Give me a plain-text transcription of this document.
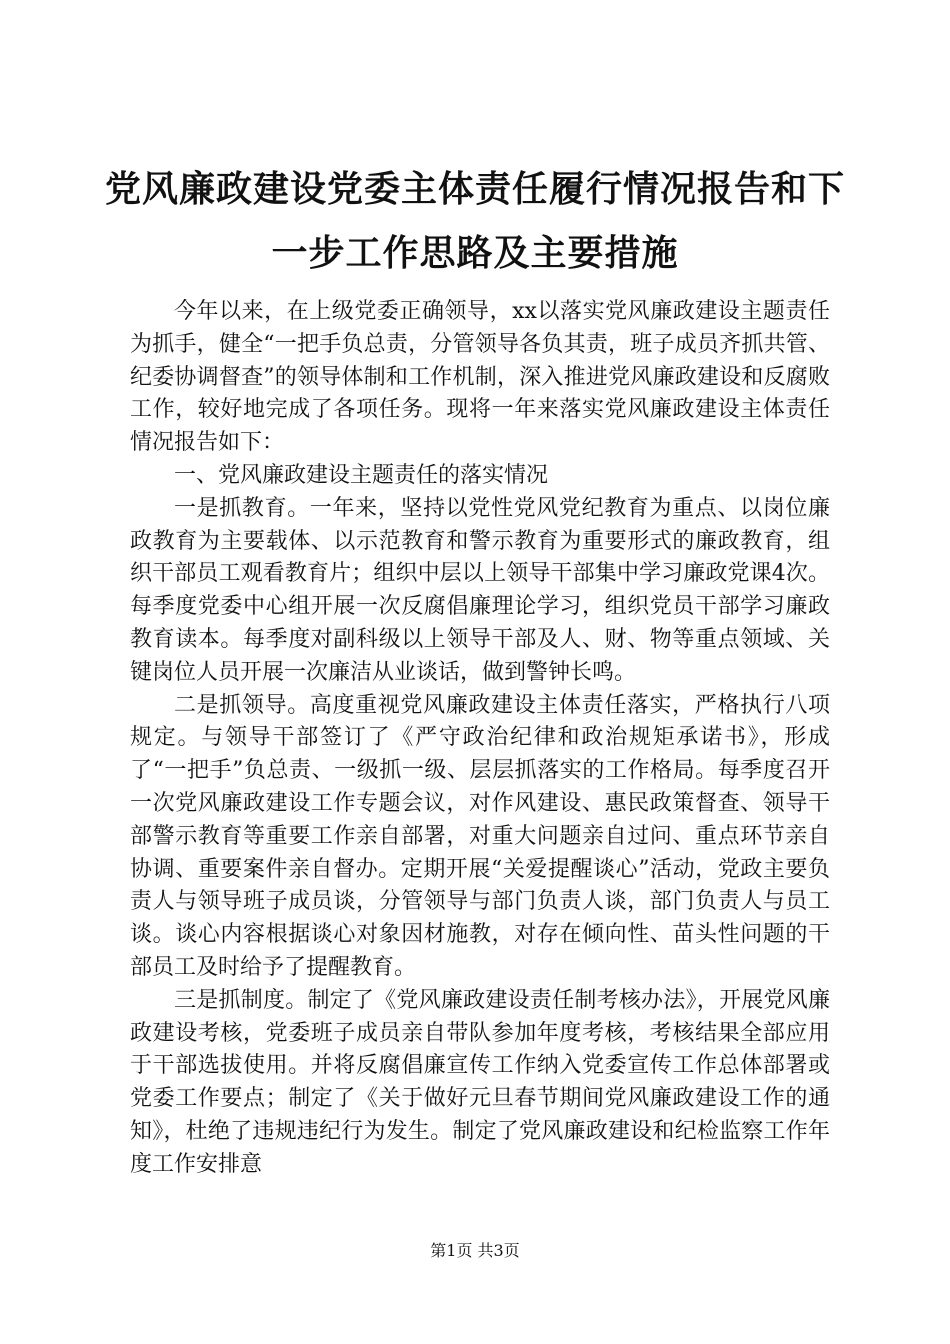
党风廉政建设党委主体责任履行情况报告和下
一步工作思路及主要措施

今年以来，在上级党委正确领导，xx以落实党风廉政建设主题责任为抓手，健全“一把手负总责，分管领导各负其责，班子成员齐抓共管、纪委协调督查”的领导体制和工作机制，深入推进党风廉政建设和反腐败工作，较好地完成了各项任务。现将一年来落实党风廉政建设主体责任情况报告如下：

一、党风廉政建设主题责任的落实情况

一是抓教育。一年来，坚持以党性党风党纪教育为重点、以岗位廉政教育为主要载体、以示范教育和警示教育为重要形式的廉政教育，组织干部员工观看教育片；组织中层以上领导干部集中学习廉政党课4次。每季度党委中心组开展一次反腐倡廉理论学习，组织党员干部学习廉政教育读本。每季度对副科级以上领导干部及人、财、物等重点领域、关键岗位人员开展一次廉洁从业谈话，做到警钟长鸣。

二是抓领导。高度重视党风廉政建设主体责任落实，严格执行八项规定。与领导干部签订了《严守政治纪律和政治规矩承诺书》，形成了“一把手”负总责、一级抓一级、层层抓落实的工作格局。每季度召开一次党风廉政建设工作专题会议，对作风建设、惠民政策督查、领导干部警示教育等重要工作亲自部署，对重大问题亲自过问、重点环节亲自协调、重要案件亲自督办。定期开展“关爱提醒谈心”活动，党政主要负责人与领导班子成员谈，分管领导与部门负责人谈，部门负责人与员工谈。谈心内容根据谈心对象因材施教，对存在倾向性、苗头性问题的干部员工及时给予了提醒教育。

三是抓制度。制定了《党风廉政建设责任制考核办法》，开展党风廉政建设考核，党委班子成员亲自带队参加年度考核，考核结果全部应用于干部选拔使用。并将反腐倡廉宣传工作纳入党委宣传工作总体部署或党委工作要点；制定了《关于做好元旦春节期间党风廉政建设工作的通知》，杜绝了违规违纪行为发生。制定了党风廉政建设和纪检监察工作年度工作安排意

第1页 共3页
